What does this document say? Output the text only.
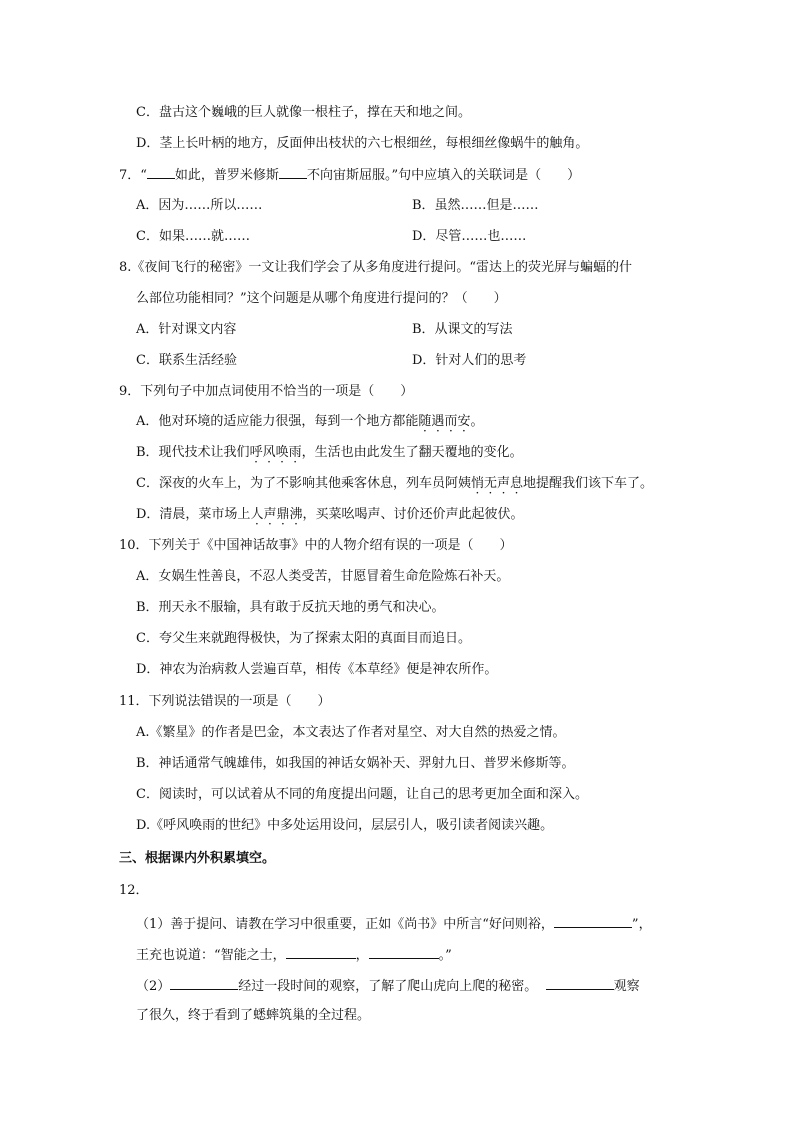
C．盘古这个巍峨的巨人就像一根柱子，撑在天和地之间。
D．茎上长叶柄的地方，反面伸出枝状的六七根细丝，每根细丝像蜗牛的触角。
7．“ 如此，普罗米修斯 不向宙斯屈服。”句中应填入的关联词是（　　）
A．因为……所以……	B．虽然……但是……
C．如果……就……	D．尽管……也……
8.《夜间飞行的秘密》一文让我们学会了从多角度进行提问。“雷达上的荧光屏与蝙蝠的什
么部位功能相同？”这个问题是从哪个角度进行提问的？（　　）
A．针对课文内容	B．从课文的写法
C．联系生活经验	D．针对人们的思考
9．下列句子中加点词使用不恰当的一项是（　　）
A．他对环境的适应能力很强，每到一个地方都能随遇而安。
B．现代技术让我们呼风唤雨，生活也由此发生了翻天覆地的变化。
C．深夜的火车上，为了不影响其他乘客休息，列车员阿姨悄无声息地提醒我们该下车了。
D．清晨，菜市场上人声鼎沸，买菜吆喝声、讨价还价声此起彼伏。
10．下列关于《中国神话故事》中的人物介绍有误的一项是（　　）
A．女娲生性善良，不忍人类受苦，甘愿冒着生命危险炼石补天。
B．刑天永不服输，具有敢于反抗天地的勇气和决心。
C．夸父生来就跑得极快，为了探索太阳的真面目而追日。
D．神农为治病救人尝遍百草，相传《本草经》便是神农所作。
11．下列说法错误的一项是（　　）
A.《繁星》的作者是巴金，本文表达了作者对星空、对大自然的热爱之情。
B．神话通常气魄雄伟，如我国的神话女娲补天、羿射九日、普罗米修斯等。
C．阅读时，可以试着从不同的角度提出问题，让自己的思考更加全面和深入。
D.《呼风唤雨的世纪》中多处运用设问，层层引人，吸引读者阅读兴趣。
三、根据课内外积累填空。
12．
（1）善于提问、请教在学习中很重要，正如《尚书》中所言“好问则裕，	”，
王充也说道：“智能之士，	，	。”
（2）	经过一段时间的观察，了解了爬山虎向上爬的秘密。	观察
了很久，终于看到了蟋蟀筑巢的全过程。
